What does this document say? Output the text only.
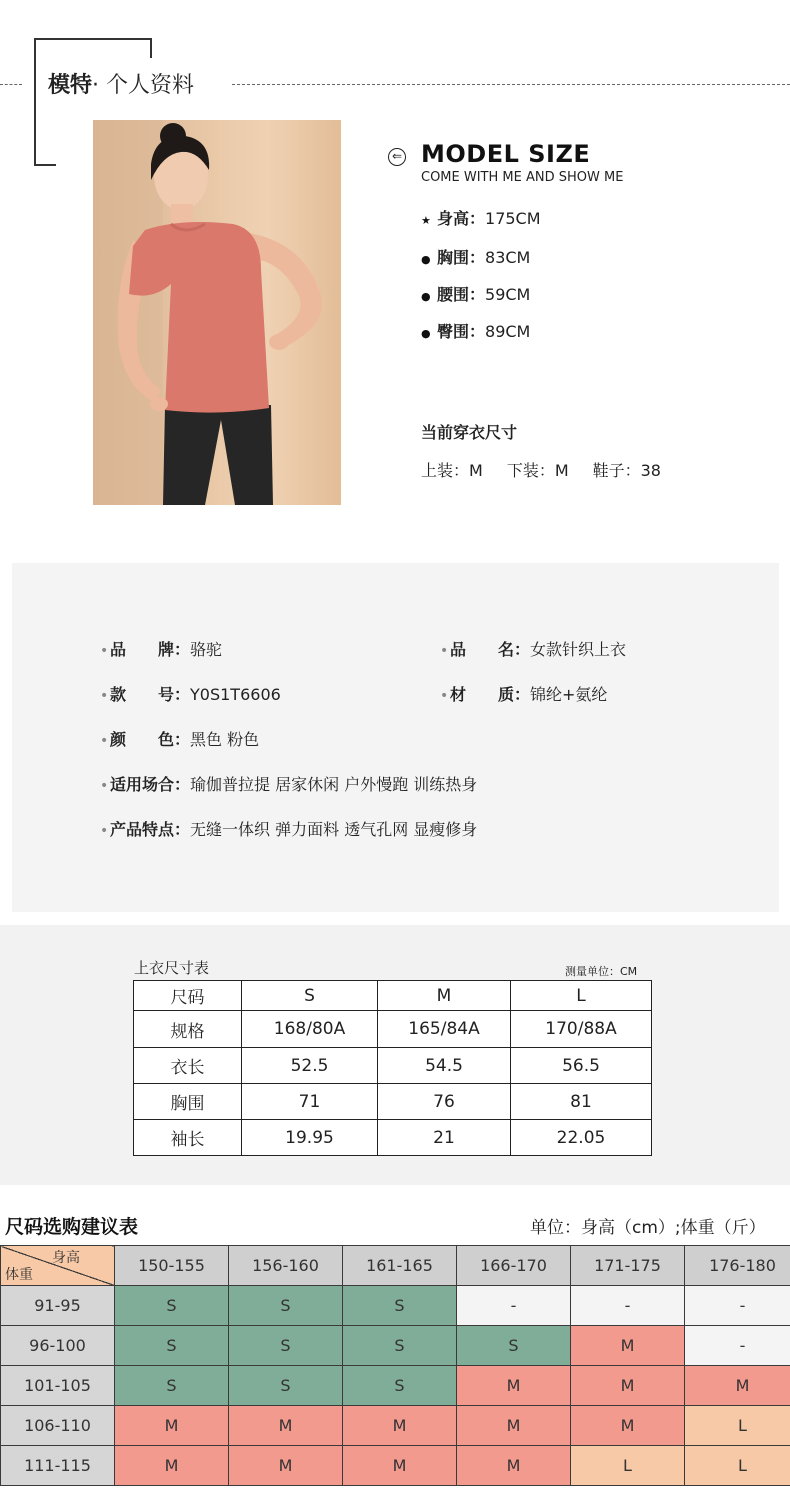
模特· 个人资料
⇐ MODEL SIZE
COME WITH ME AND SHOW ME
★ 身高：175CM
● 胸围：83CM
● 腰围：59CM
● 臀围：89CM
当前穿衣尺寸
上装：M 下装：M 鞋子：38
• 品　　牌：骆驼	• 品　　名：女款针织上衣
• 款　　号：Y0S1T6606	• 材　　质：锦纶+氨纶
• 颜　　色：黑色 粉色
• 适用场合：瑜伽普拉提 居家休闲 户外慢跑 训练热身
• 产品特点：无缝一体织 弹力面料 透气孔网 显瘦修身
上衣尺寸表	测量单位：CM
尺码	S	M	L
规格	168/80A	165/84A	170/88A
衣长	52.5	54.5	56.5
胸围	71	76	81
袖长	19.95	21	22.05
尺码选购建议表	单位：身高（cm）;体重（斤）
身高
体重	150-155	156-160	161-165	166-170	171-175	176-180
91-95	S	S	S	-	-	-
96-100	S	S	S	S	M	-
101-105	S	S	S	M	M	M
106-110	M	M	M	M	M	L
111-115	M	M	M	M	L	L
